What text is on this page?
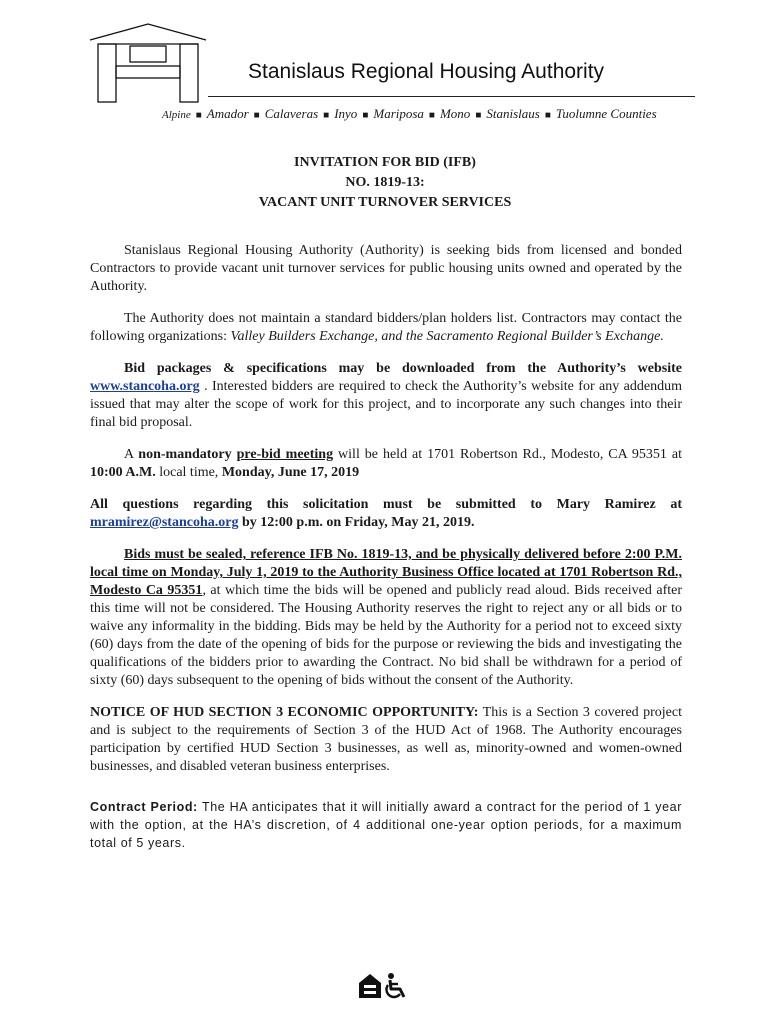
Stanislaus Regional Housing Authority
Alpine ■ Amador ■ Calaveras ■ Inyo ■ Mariposa ■ Mono ■ Stanislaus ■ Tuolumne Counties
INVITATION FOR BID (IFB)
NO. 1819-13:
VACANT UNIT TURNOVER SERVICES

Stanislaus Regional Housing Authority (Authority) is seeking bids from licensed and bonded Contractors to provide vacant unit turnover services for public housing units owned and operated by the Authority.

The Authority does not maintain a standard bidders/plan holders list. Contractors may contact the following organizations: Valley Builders Exchange, and the Sacramento Regional Builder’s Exchange.

Bid packages & specifications may be downloaded from the Authority’s website www.stancoha.org . Interested bidders are required to check the Authority’s website for any addendum issued that may alter the scope of work for this project, and to incorporate any such changes into their final bid proposal.

A non-mandatory pre-bid meeting will be held at 1701 Robertson Rd., Modesto, CA 95351 at 10:00 A.M. local time, Monday, June 17, 2019

All questions regarding this solicitation must be submitted to Mary Ramirez at mramirez@stancoha.org by 12:00 p.m. on Friday, May 21, 2019.

Bids must be sealed, reference IFB No. 1819-13, and be physically delivered before 2:00 P.M. local time on Monday, July 1, 2019 to the Authority Business Office located at 1701 Robertson Rd., Modesto Ca 95351, at which time the bids will be opened and publicly read aloud. Bids received after this time will not be considered. The Housing Authority reserves the right to reject any or all bids or to waive any informality in the bidding. Bids may be held by the Authority for a period not to exceed sixty (60) days from the date of the opening of bids for the purpose or reviewing the bids and investigating the qualifications of the bidders prior to awarding the Contract. No bid shall be withdrawn for a period of sixty (60) days subsequent to the opening of bids without the consent of the Authority.

NOTICE OF HUD SECTION 3 ECONOMIC OPPORTUNITY: This is a Section 3 covered project and is subject to the requirements of Section 3 of the HUD Act of 1968. The Authority encourages participation by certified HUD Section 3 businesses, as well as, minority-owned and women-owned businesses, and disabled veteran business enterprises.

Contract Period: The HA anticipates that it will initially award a contract for the period of 1 year with the option, at the HA’s discretion, of 4 additional one-year option periods, for a maximum total of 5 years.
